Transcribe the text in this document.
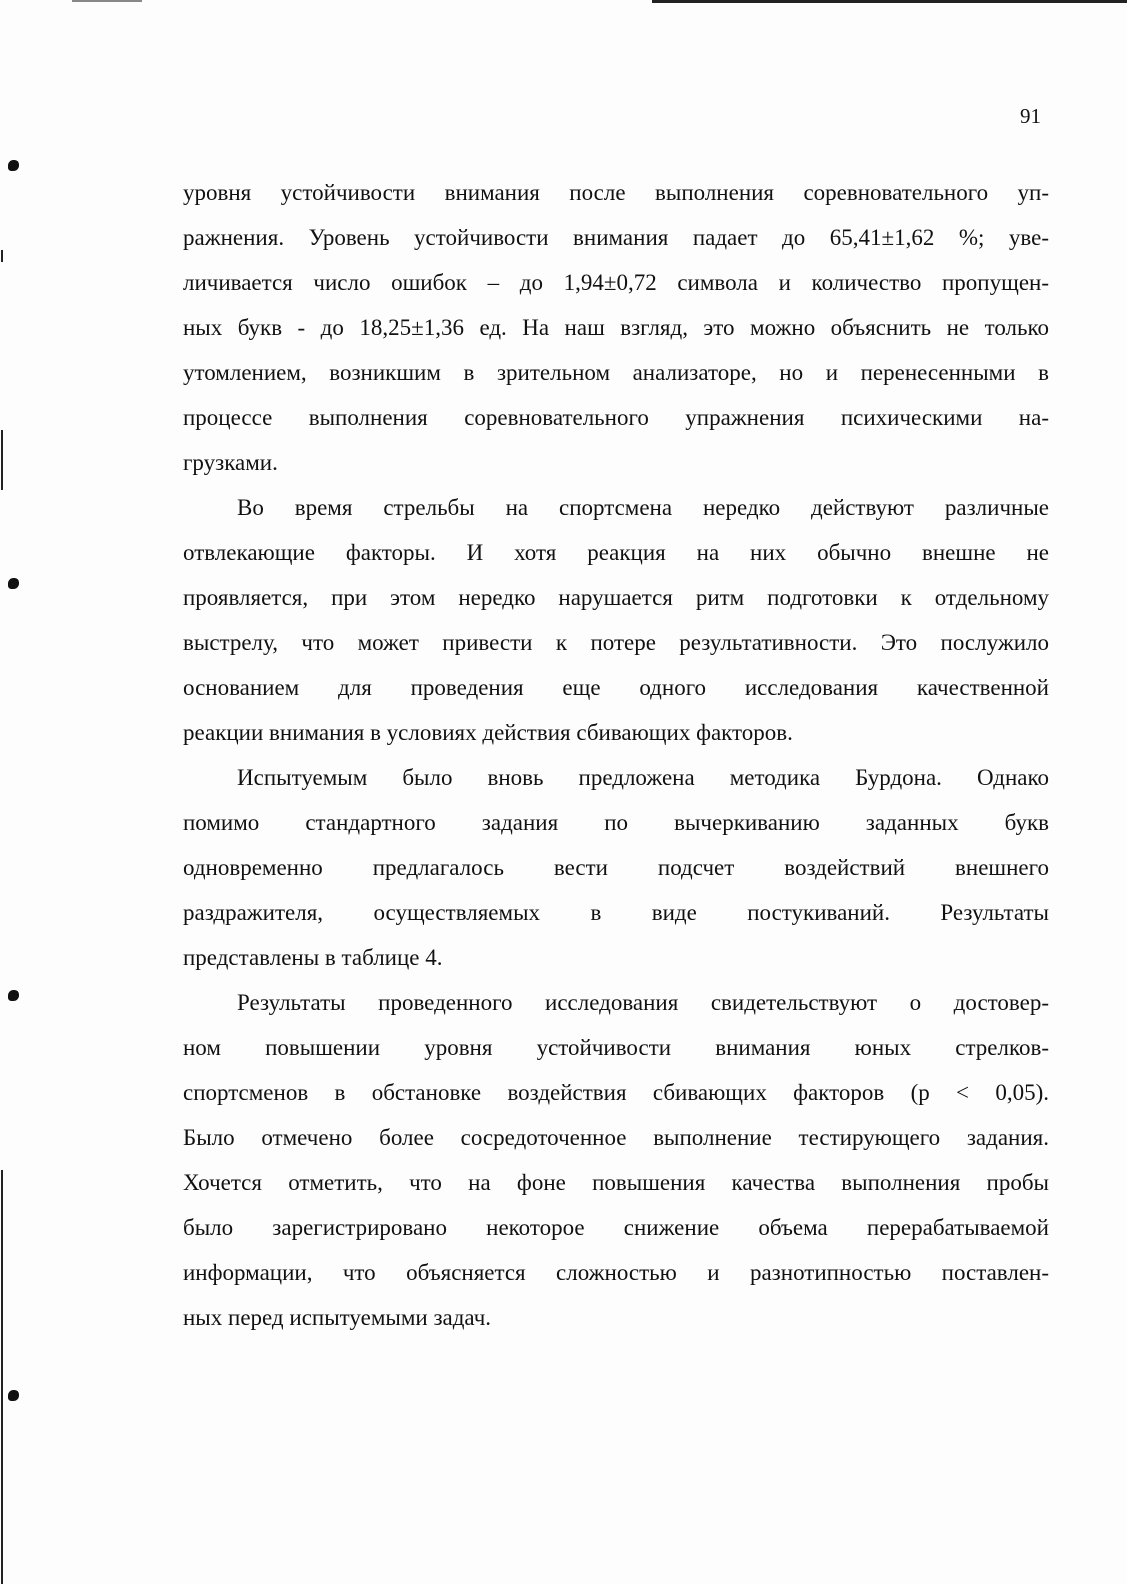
91

уровня устойчивости внимания после выполнения соревновательного уп-
ражнения. Уровень устойчивости внимания падает до 65,41±1,62 %; уве-
личивается число ошибок – до 1,94±0,72 символа и количество пропущен-
ных букв - до 18,25±1,36 ед. На наш взгляд, это можно объяснить не только
утомлением, возникшим в зрительном анализаторе, но и перенесенными в
процессе выполнения соревновательного упражнения психическими на-
грузками.

Во время стрельбы на спортсмена нередко действуют различные
отвлекающие факторы. И хотя реакция на них обычно внешне не
проявляется, при этом нередко нарушается ритм подготовки к отдельному
выстрелу, что может привести к потере результативности. Это послужило
основанием для проведения еще одного исследования качественной
реакции внимания в условиях действия сбивающих факторов.

Испытуемым было вновь предложена методика Бурдона. Однако
помимо стандартного задания по вычеркиванию заданных букв
одновременно предлагалось вести подсчет воздействий внешнего
раздражителя, осуществляемых в виде постукиваний. Результаты
представлены в таблице 4.

Результаты проведенного исследования свидетельствуют о достовер-
ном повышении уровня устойчивости внимания юных стрелков-
спортсменов в обстановке воздействия сбивающих факторов (р < 0,05).
Было отмечено более сосредоточенное выполнение тестирующего задания.
Хочется отметить, что на фоне повышения качества выполнения пробы
было зарегистрировано некоторое снижение объема перерабатываемой
информации, что объясняется сложностью и разнотипностью поставлен-
ных перед испытуемыми задач.
